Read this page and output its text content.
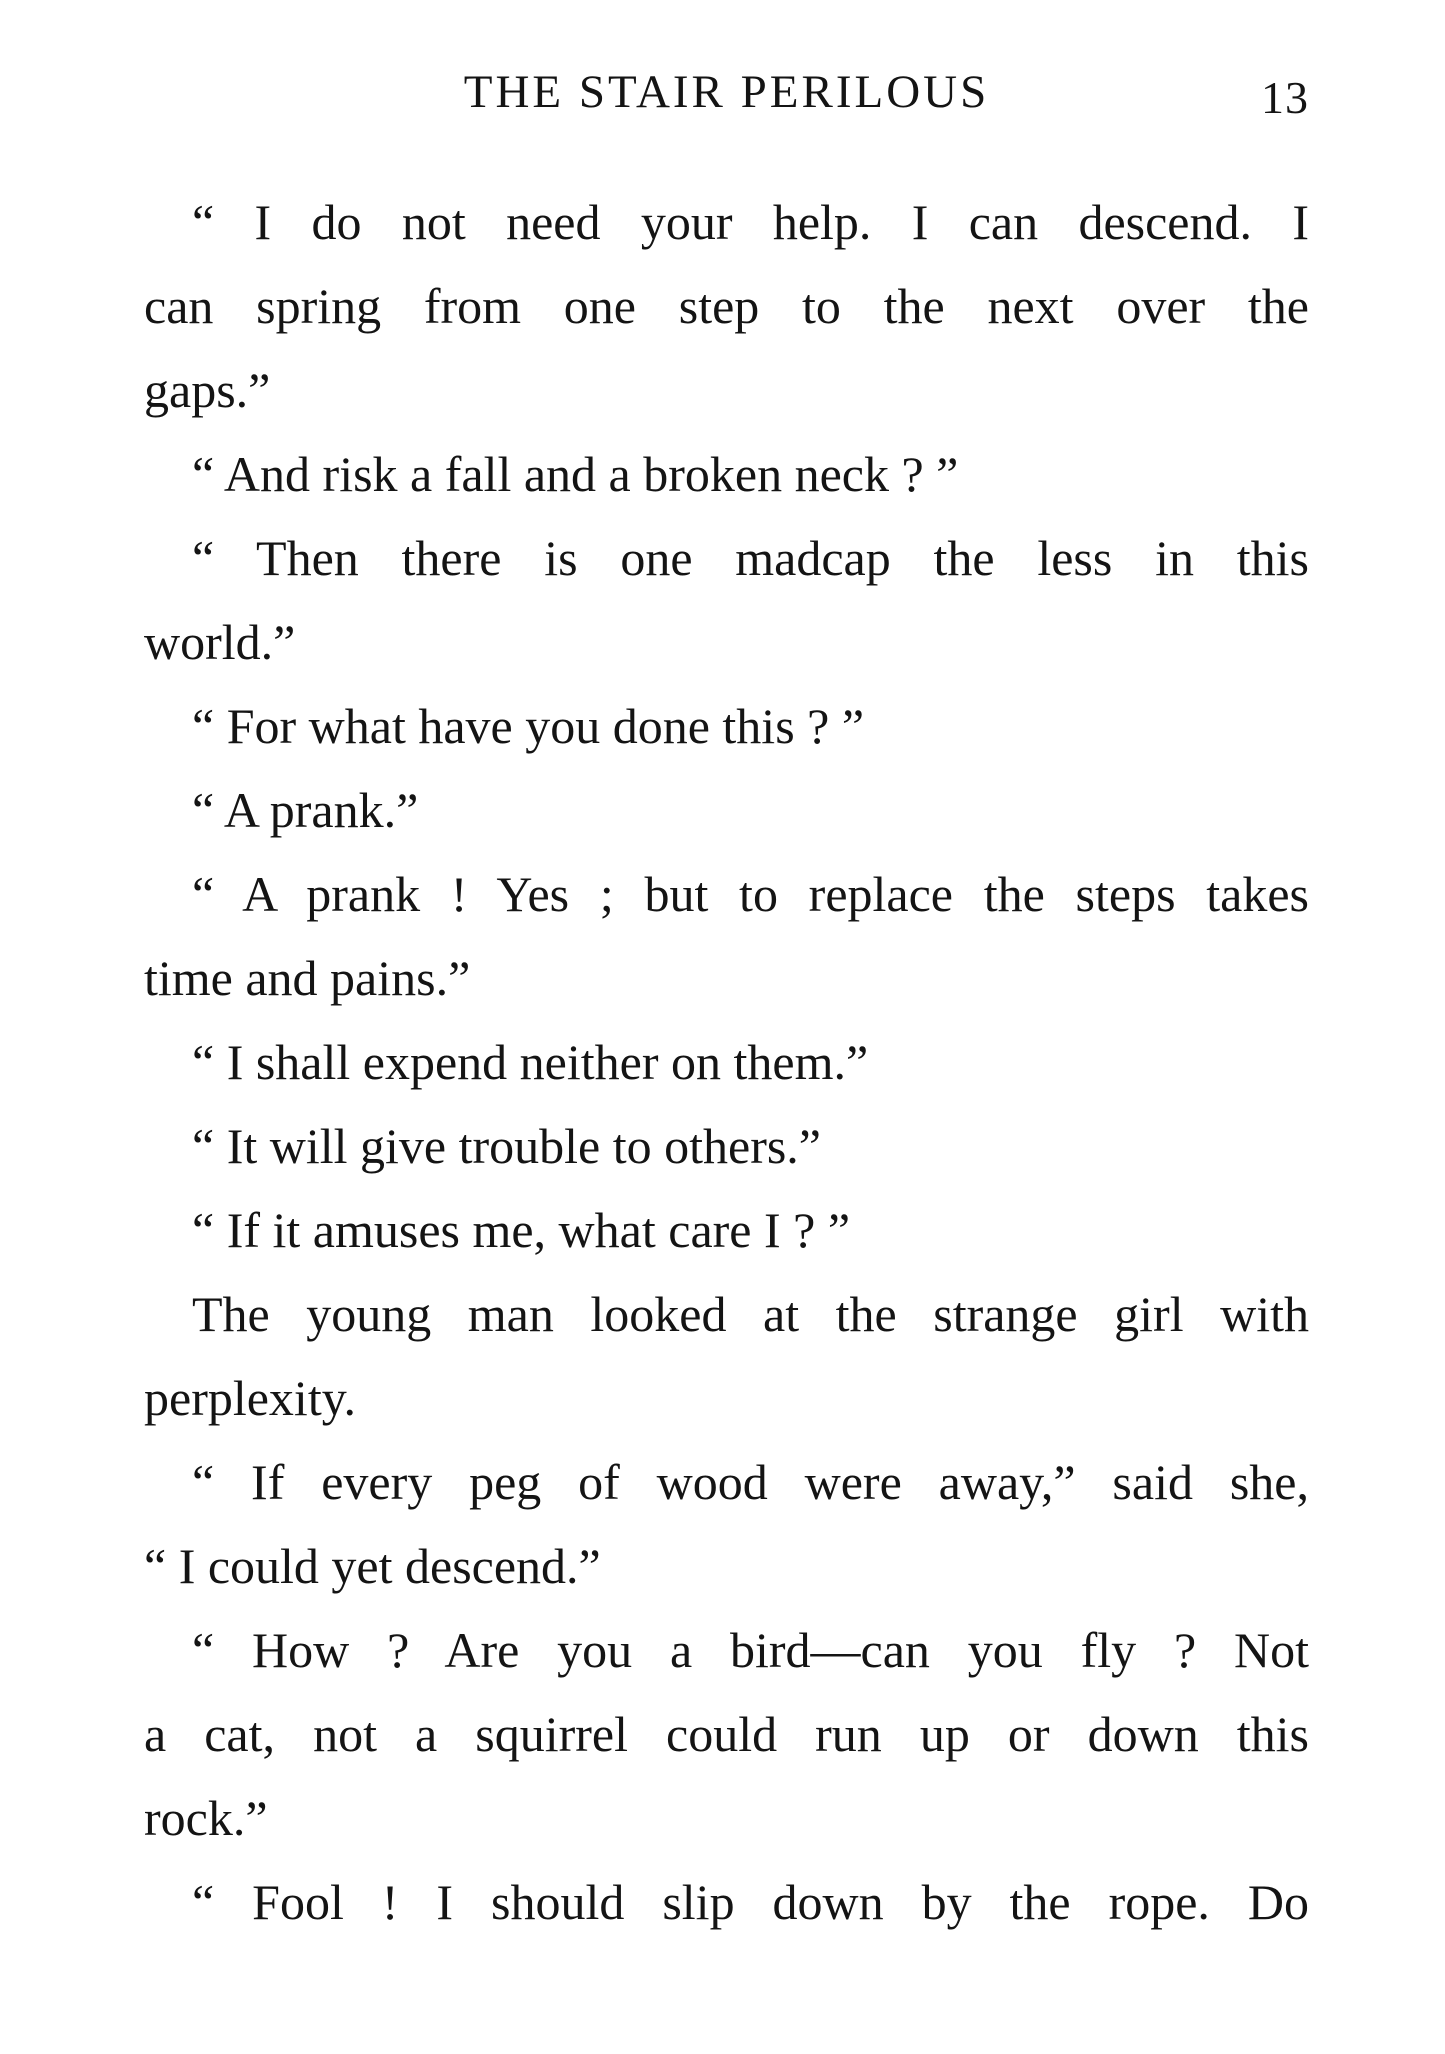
THE STAIR PERILOUS	13
“ I do not need your help. I can descend. I
can spring from one step to the next over the
gaps.”
“ And risk a fall and a broken neck ? ”
“ Then there is one madcap the less in this
world.”
“ For what have you done this ? ”
“ A prank.”
“ A prank ! Yes ; but to replace the steps takes
time and pains.”
“ I shall expend neither on them.”
“ It will give trouble to others.”
“ If it amuses me, what care I ? ”
The young man looked at the strange girl with
perplexity.
“ If every peg of wood were away,” said she,
“ I could yet descend.”
“ How ? Are you a bird—can you fly ? Not
a cat, not a squirrel could run up or down this
rock.”
“ Fool ! I should slip down by the rope. Do
